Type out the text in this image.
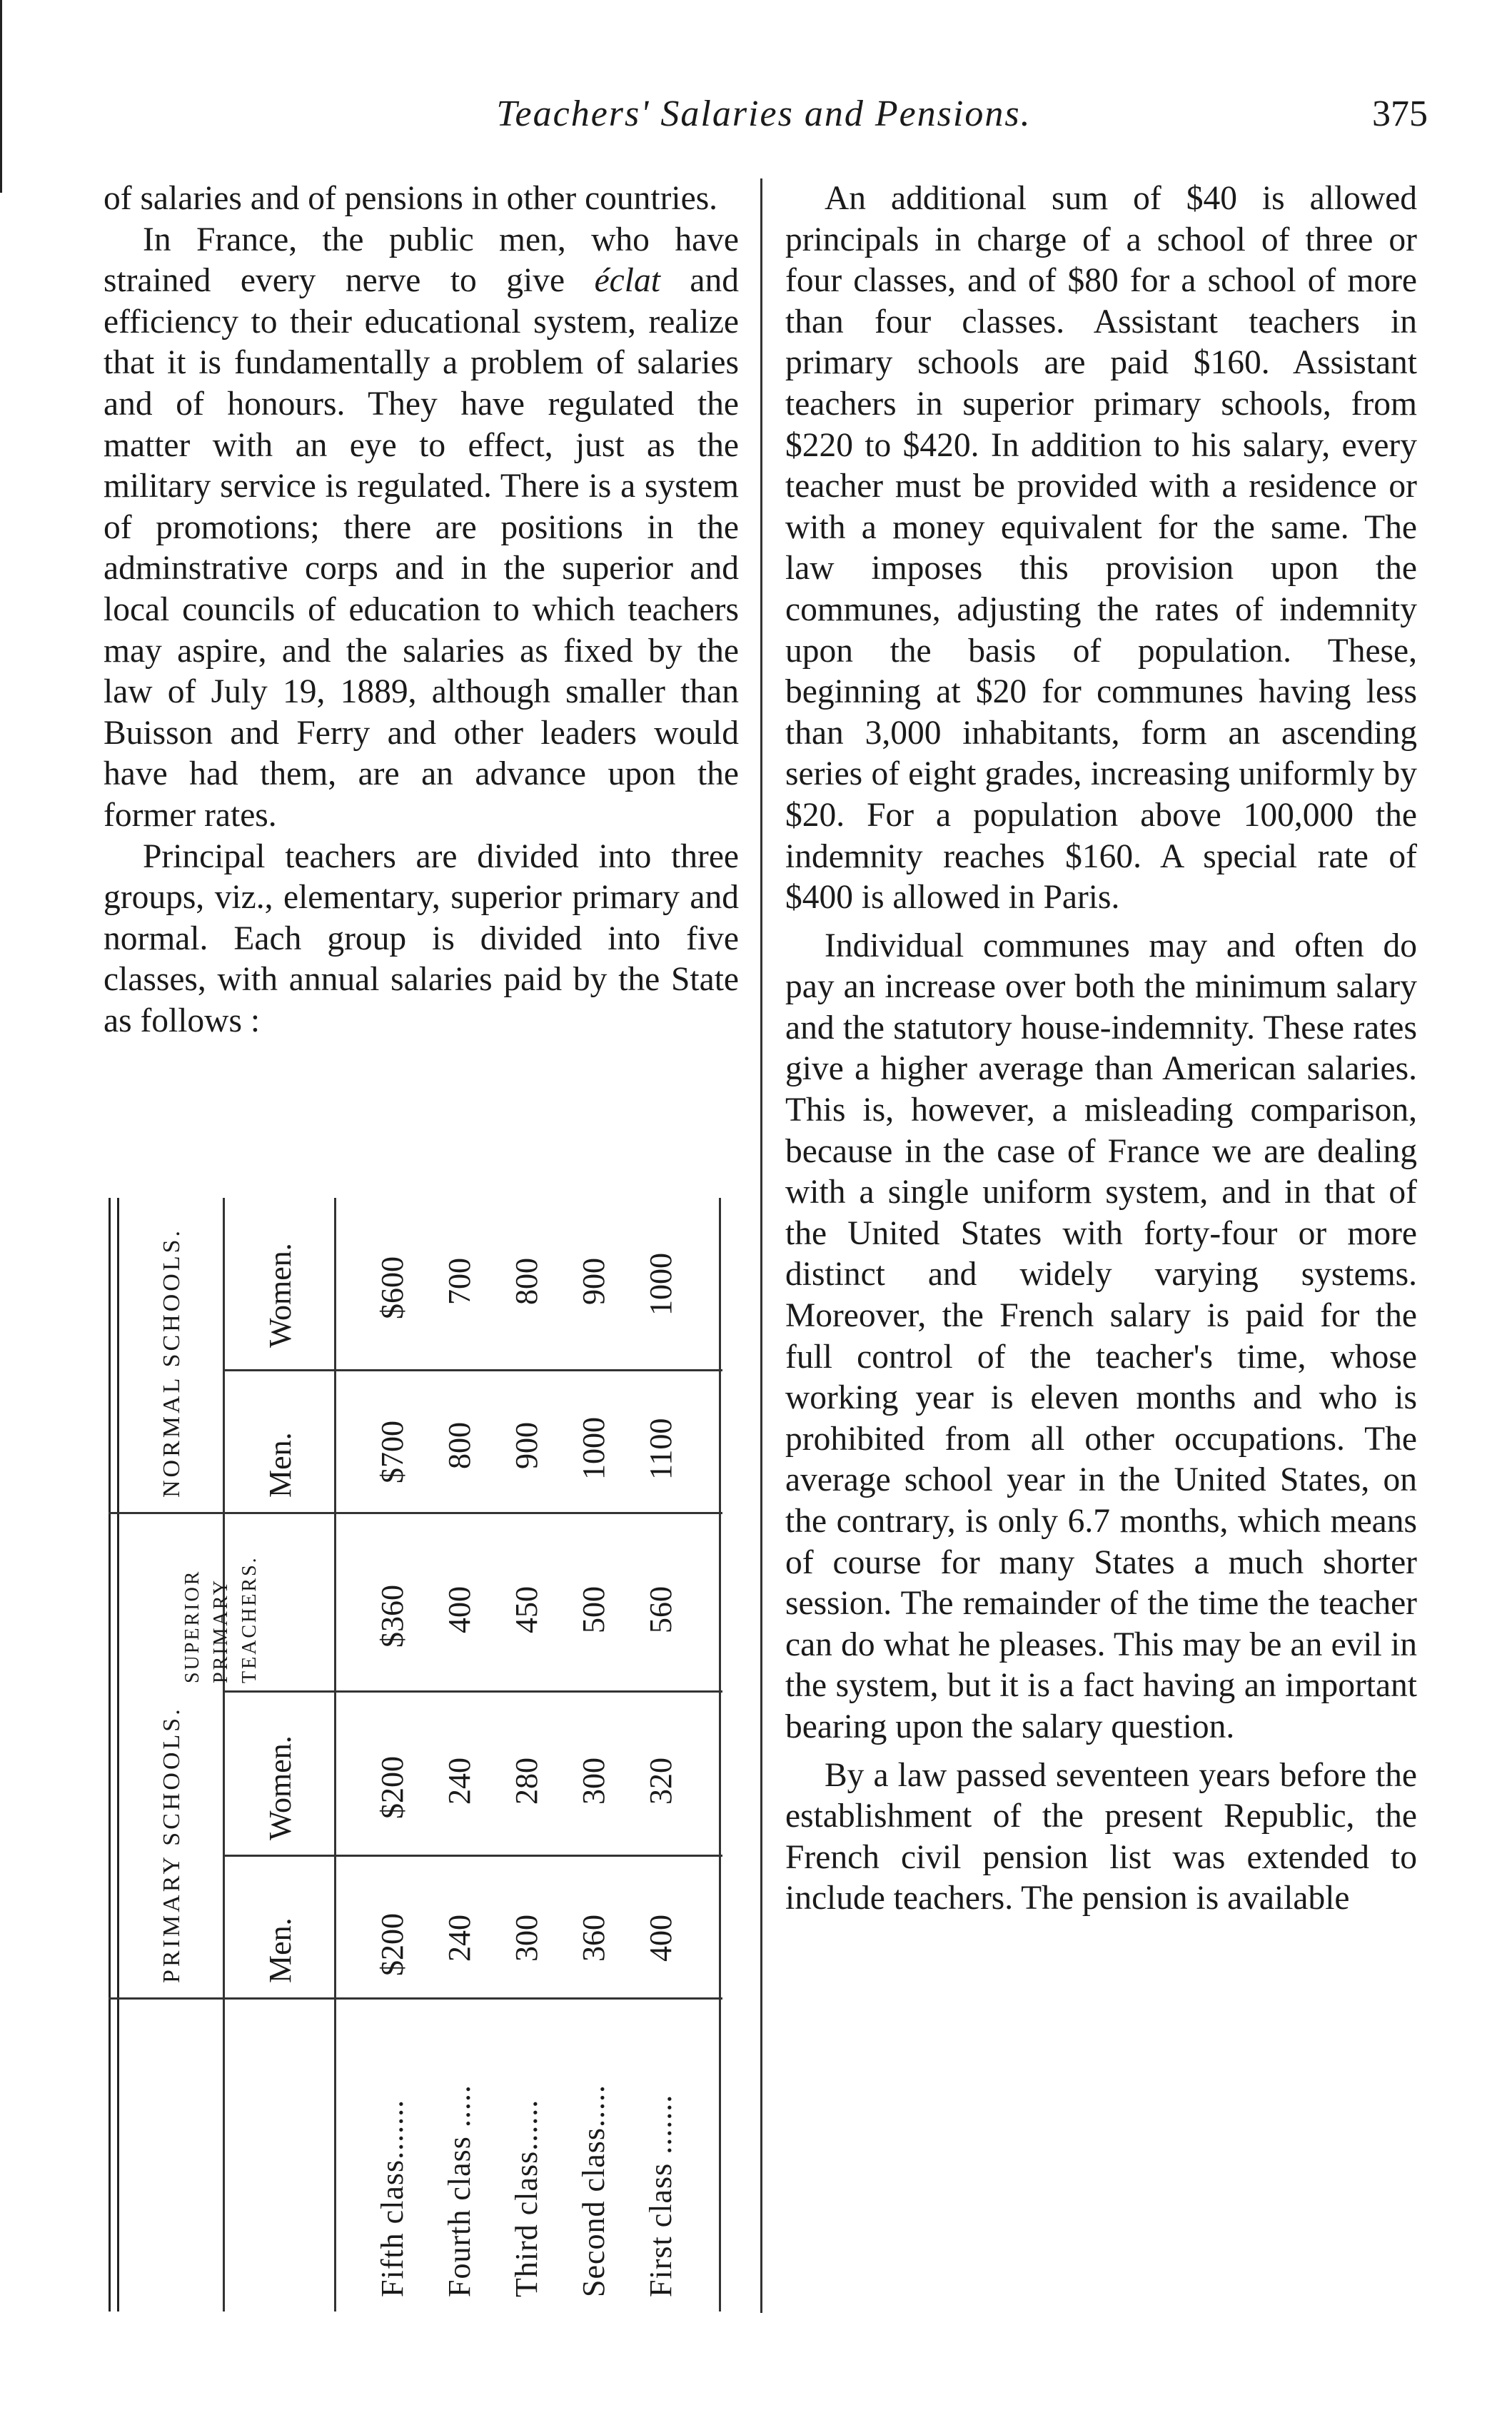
Teachers' Salaries and Pensions.	375

of salaries and of pensions in other countries.

In France, the public men, who have strained every nerve to give éclat and efficiency to their educational system, realize that it is fundamentally a problem of salaries and of honours. They have regulated the matter with an eye to effect, just as the military service is regulated. There is a system of promotions; there are positions in the adminstrative corps and in the superior and local councils of education to which teachers may aspire, and the salaries as fixed by the law of July 19, 1889, although smaller than Buisson and Ferry and other leaders would have had them, are an advance upon the former rates.

Principal teachers are divided into three groups, viz., elementary, superior primary and normal. Each group is divided into five classes, with annual salaries paid by the State as follows :

NORMAL SCHOOLS.
SUPERIOR PRIMARY TEACHERS.
PRIMARY SCHOOLS.
Women.
Men.
Women.
Men.
$600 700 800 900 1000
$700 800 900 1000 1100
$360 400 450 500 560
$200 240 280 300 320
$200 240 300 360 400
Fifth class....... Fourth class ..... Third class...... Second class..... First class .......

An additional sum of $40 is allowed principals in charge of a school of three or four classes, and of $80 for a school of more than four classes. Assistant teachers in primary schools are paid $160. Assistant teachers in superior primary schools, from $220 to $420. In addition to his salary, every teacher must be provided with a residence or with a money equivalent for the same. The law imposes this provision upon the communes, adjusting the rates of indemnity upon the basis of population. These, beginning at $20 for communes having less than 3,000 inhabitants, form an ascending series of eight grades, increasing uniformly by $20. For a population above 100,000 the indemnity reaches $160. A special rate of $400 is allowed in Paris.

Individual communes may and often do pay an increase over both the minimum salary and the statutory house-indemnity. These rates give a higher average than American salaries. This is, however, a misleading comparison, because in the case of France we are dealing with a single uniform system, and in that of the United States with forty-four or more distinct and widely varying systems. Moreover, the French salary is paid for the full control of the teacher's time, whose working year is eleven months and who is prohibited from all other occupations. The average school year in the United States, on the contrary, is only 6.7 months, which means of course for many States a much shorter session. The remainder of the time the teacher can do what he pleases. This may be an evil in the system, but it is a fact having an important bearing upon the salary question.

By a law passed seventeen years before the establishment of the present Republic, the French civil pension list was extended to include teachers. The pension is available
